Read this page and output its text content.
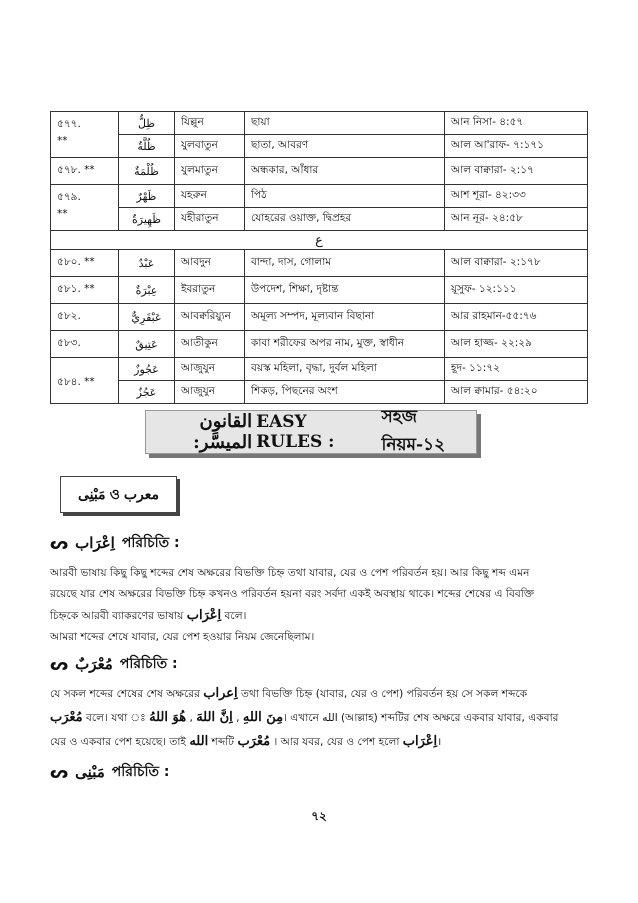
৫৭৭.
**	ظِلٌّ	যিল্লুন	ছায়া	আন নিসা- ৪:৫৭
	ظُلَّةٌ	যুলবাতুন	ছাতা, আবরণ	আল আ'রাফ- ৭:১৭১
৫৭৮. **	ظُلْمَةٌ	যুলমাতুন	অন্ধকার, আঁধার	আল বাক্বারা- ২:১৭
৫৭৯.
**	ظَهْرٌ	যহরুন	পিঠ	আশ শূরা- ৪২:৩৩
	ظَهِيرَةٌ	যহীরাতুন	যোহরের ওয়াক্ত, দ্বিপ্রহর	আন নূর- ২৪:৫৮
ع				
৫৮০. **	عَبْدٌ	আবদুন	বান্দা, দাস, গোলাম	আল বাক্বারা- ২:১৭৮
৫৮১. **	عِبْرَةٌ	ইবরাতুন	উপদেশ, শিক্ষা, দৃষ্টান্ত	য়ূসুফ- ১২:১১১
৫৮২.	عَبْقَرِيٌّ	আবক্বরিয়্যুন	অমূল্য সম্পদ, মূল্যবান বিছানা	আর রাহমান-৫৫:৭৬
৫৮৩.	عَتِيقٌ	আতীকুন	কাবা শরীফের অপর নাম, মুক্ত, স্বাধীন	আল হাজ্জ- ২২:২৯
৫৮৪. **	عَجُوزٌ	আজুযুন	বয়স্ক মহিলা, বৃদ্ধা, দুর্বল মহিলা	হূদ- ১১:৭২
	عَجُزٌ	আজুযুন	শিকড়, পিছনের অংশ	আল ক্বামার- ৫৪:২০
القانون الميسَّر:
EASY RULES :
সহজ নিয়ম-১২
مَبْنِى ও معرب
ᔕ اِعْرَاب পরিচিতি :
আরবী ভাষায় কিছু কিছু শব্দের শেষ অক্ষরের বিভক্তি চিহ্ন তথা যাবার, যের ও পেশ পরিবর্তন হয়। আর কিছু শব্দ এমন
রয়েছে যার শেষ অক্ষরের বিভক্তি চিহ্ন কখনও পরিবর্তন হয়না বরং সর্বদা একই অবস্থায় থাকে। শব্দের শেষের এ বিবক্তি
চিহ্নকে আরবী ব্যাকরণের ভাষায় اِعْرَاب বলে।
আমরা শব্দের শেষে যাবার, যের পেশ হওয়ার নিয়ম জেনেছিলাম।
ᔕ مُعْرَبٌ পরিচিতি :
যে সকল শব্দের শেষের শেষ অক্ষরের اِعراب তথা বিভক্তি চিহ্ন (যাবার, যের ও পেশ) পরিবর্তন হয় সে সকল শব্দকে
مُعْرَب বলে। যথা ঃ هُوَ اللهُ , اِنَّ اللهَ , مِنَ اللهِ। এখানে الله (আল্লাহ) শব্দটির শেষ অক্ষরে একবার যাবার, একবার
যের ও একবার পেশ হয়েছে। তাই الله শব্দটি مُعْرَب । আর যবর, যের ও পেশ হলো اِعْرَاب।
ᔕ مَبْنِى পরিচিতি :
৭২
